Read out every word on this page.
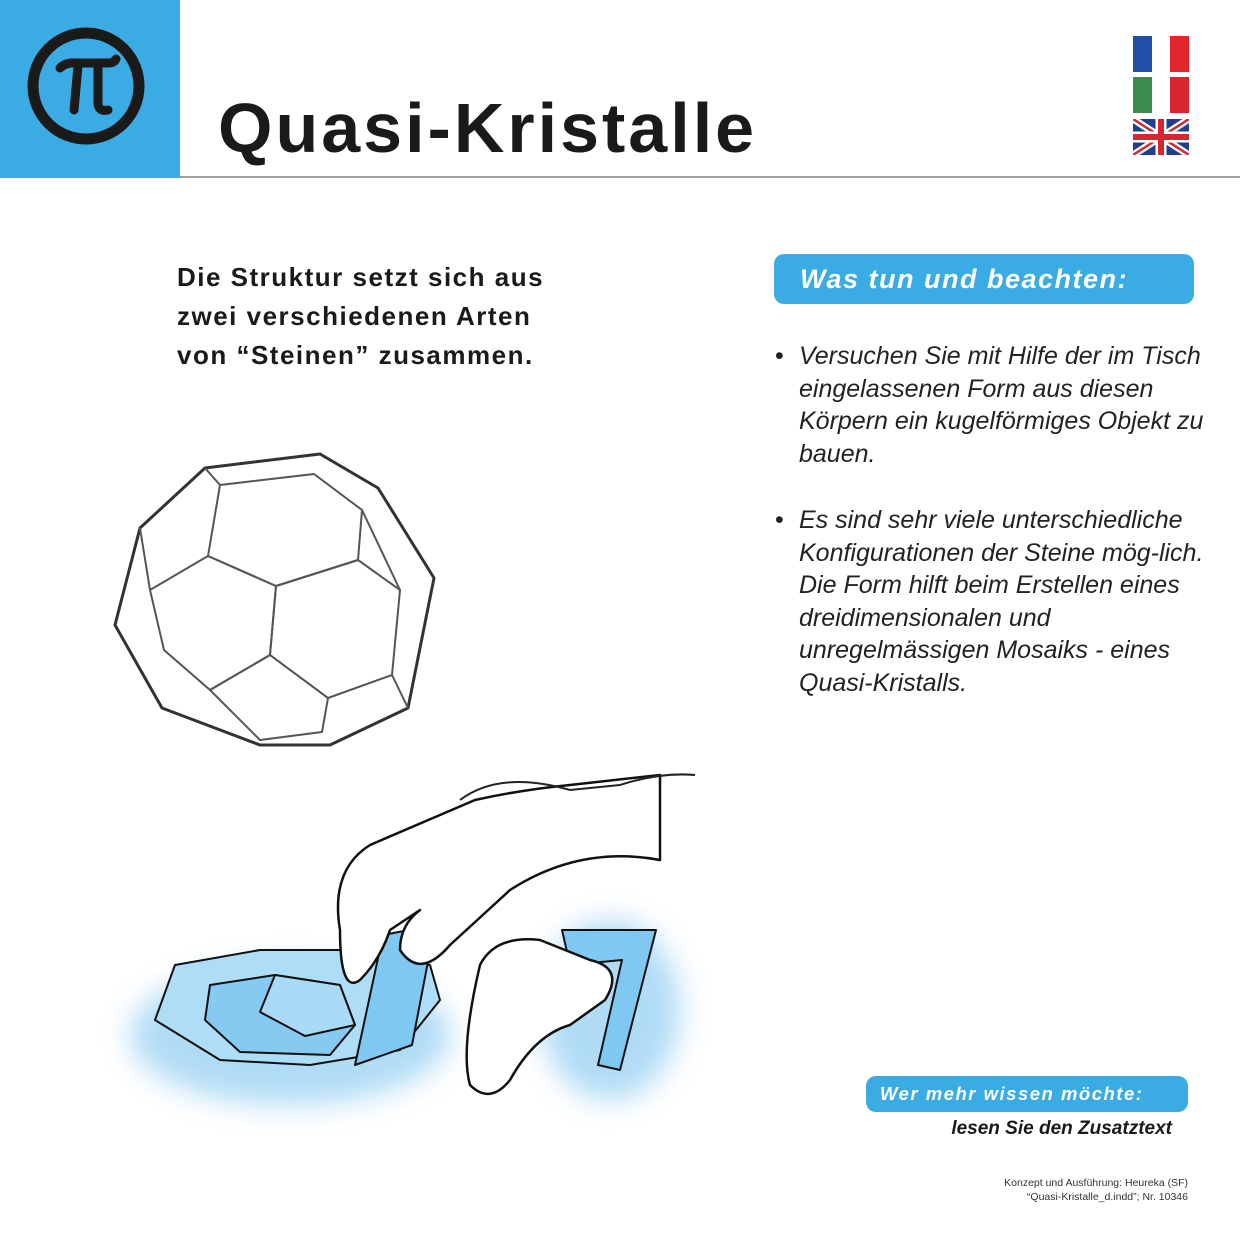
Quasi-Kristalle
Die Struktur setzt sich aus
zwei verschiedenen Arten
von “Steinen” zusammen.
Was tun und beachten:
• Versuchen Sie mit Hilfe der im Tisch eingelassenen Form aus diesen Körpern ein kugelförmiges Objekt zu bauen.
• Es sind sehr viele unterschiedliche Konfigurationen der Steine mög-lich. Die Form hilft beim Erstellen eines dreidimensionalen und unregelmässigen Mosaiks - eines Quasi-Kristalls.
Wer mehr wissen möchte:
lesen Sie den Zusatztext
Konzept und Ausführung: Heureka (SF)
“Quasi-Kristalle_d.indd”; Nr. 10346
